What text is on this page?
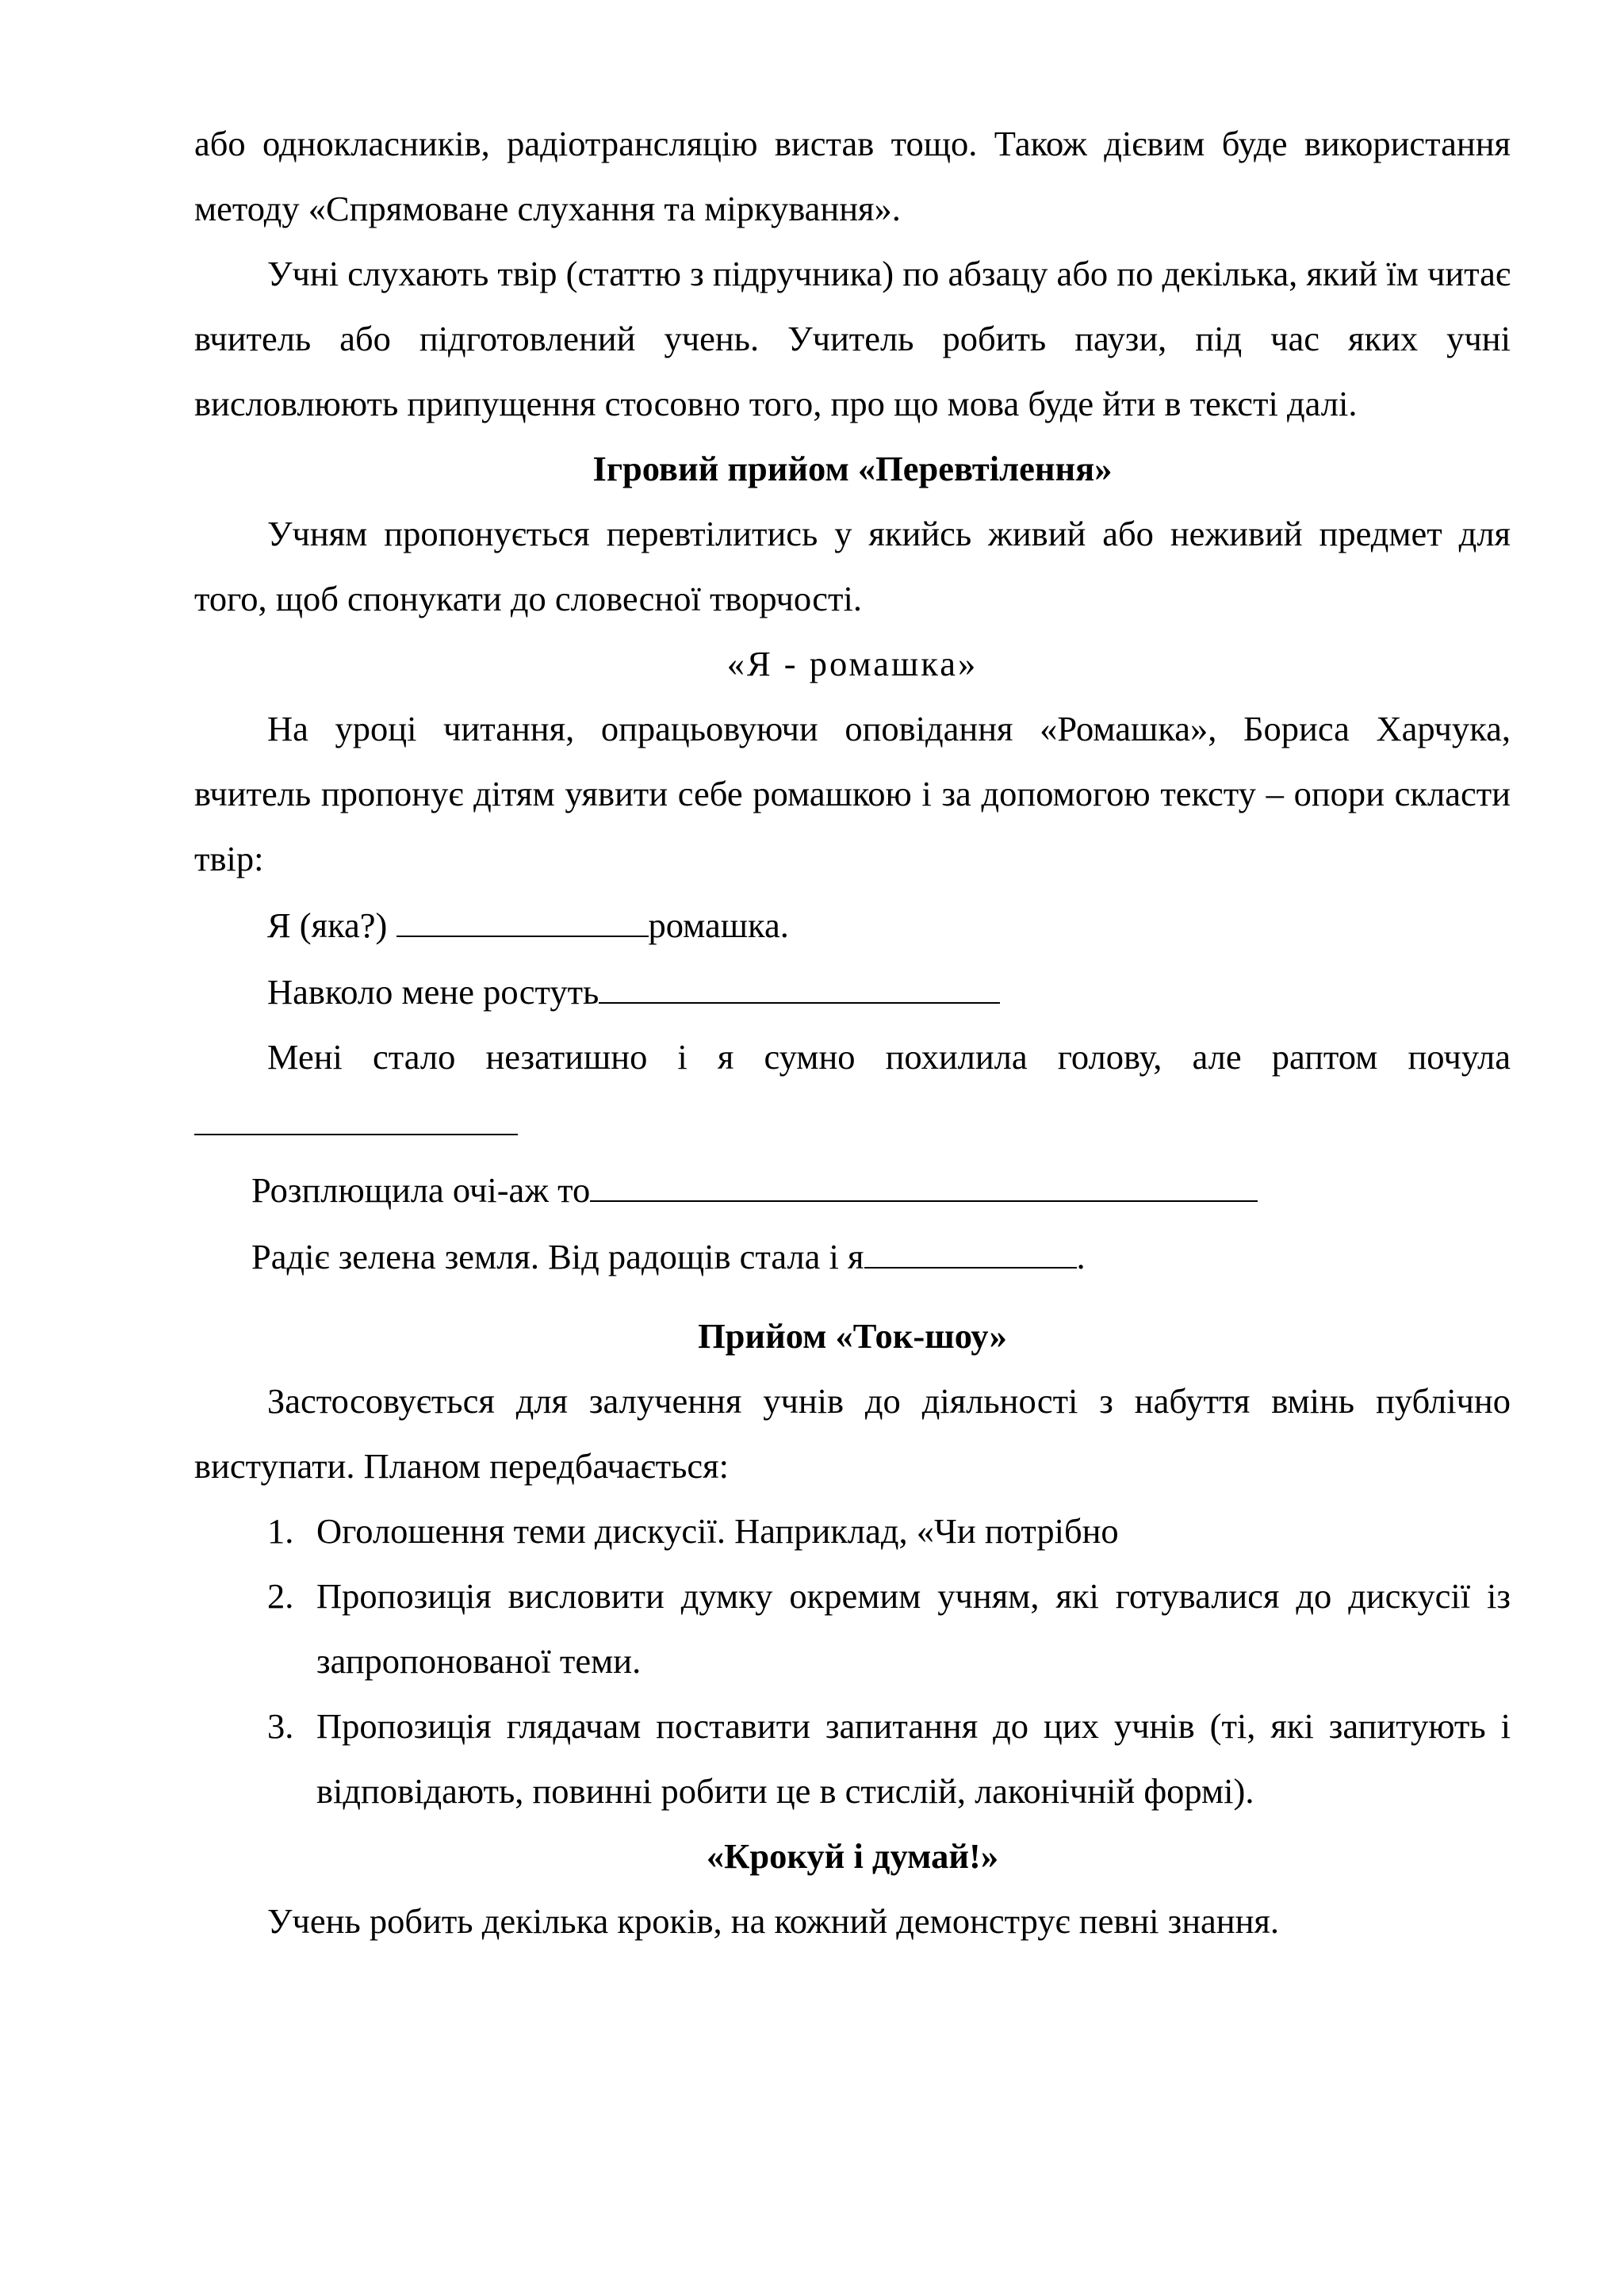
або однокласників, радіотрансляцію вистав тощо. Також дієвим буде використання методу «Спрямоване слухання та міркування».

Учні слухають твір (статтю з підручника) по абзацу або по декілька, який їм читає вчитель або підготовлений учень. Учитель робить паузи, під час яких учні висловлюють припущення стосовно того, про що мова буде йти в тексті далі.

Ігровий прийом «Перевтілення»

Учням пропонується перевтілитись у якийсь живий або неживий предмет для того, щоб спонукати до словесної творчості.

«Я - ромашка»

На уроці читання, опрацьовуючи оповідання «Ромашка», Бориса Харчука, вчитель пропонує дітям уявити себе ромашкою і за допомогою тексту – опори скласти твір:

Я (яка?)	ромашка.

Навколо мене ростуть

Мені стало незатишно і я сумно похилила голову, але раптом почула

Розплющила очі-аж то

Радіє зелена земля. Від радощів стала і я	.

Прийом «Ток-шоу»

Застосовується для залучення учнів до діяльності з набуття вмінь публічно виступати. Планом передбачається:

1. Оголошення теми дискусії. Наприклад, «Чи потрібно
2. Пропозиція висловити думку окремим учням, які готувалися до дискусії із запропонованої теми.
3. Пропозиція глядачам поставити запитання до цих учнів (ті, які запитують і відповідають, повинні робити це в стислій, лаконічній формі).

«Крокуй і думай!»

Учень робить декілька кроків, на кожний демонструє певні знання.
